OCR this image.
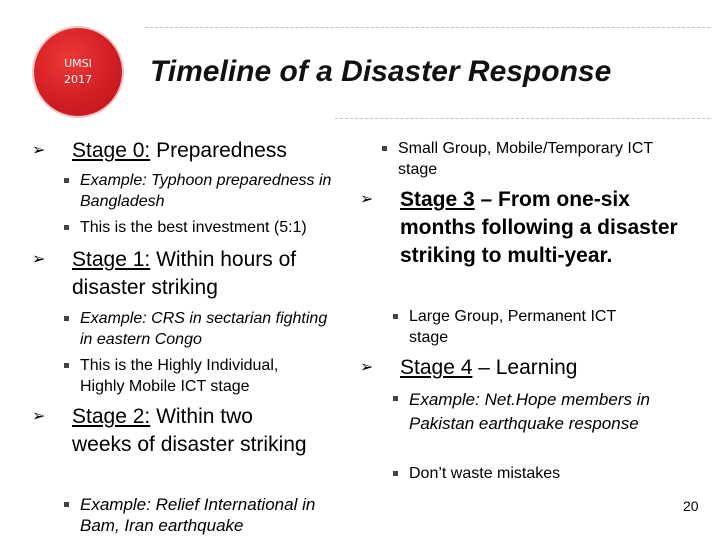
UMSI
2017 Timeline of a Disaster Response
➢ Stage 0: Preparedness
Example: Typhoon preparedness in Bangladesh
This is the best investment (5:1)
➢ Stage 1: Within hours of disaster striking
Example: CRS in sectarian fighting in eastern Congo
This is the Highly Individual, Highly Mobile ICT stage
➢ Stage 2: Within two weeks of disaster striking
Example: Relief International in Bam, Iran earthquake
Small Group, Mobile/Temporary ICT stage
➢ Stage 3 – From one-six months following a disaster striking to multi-year.
Large Group, Permanent ICT stage
➢ Stage 4 – Learning
Example: Net.Hope members in Pakistan earthquake response
Don’t waste mistakes
20
